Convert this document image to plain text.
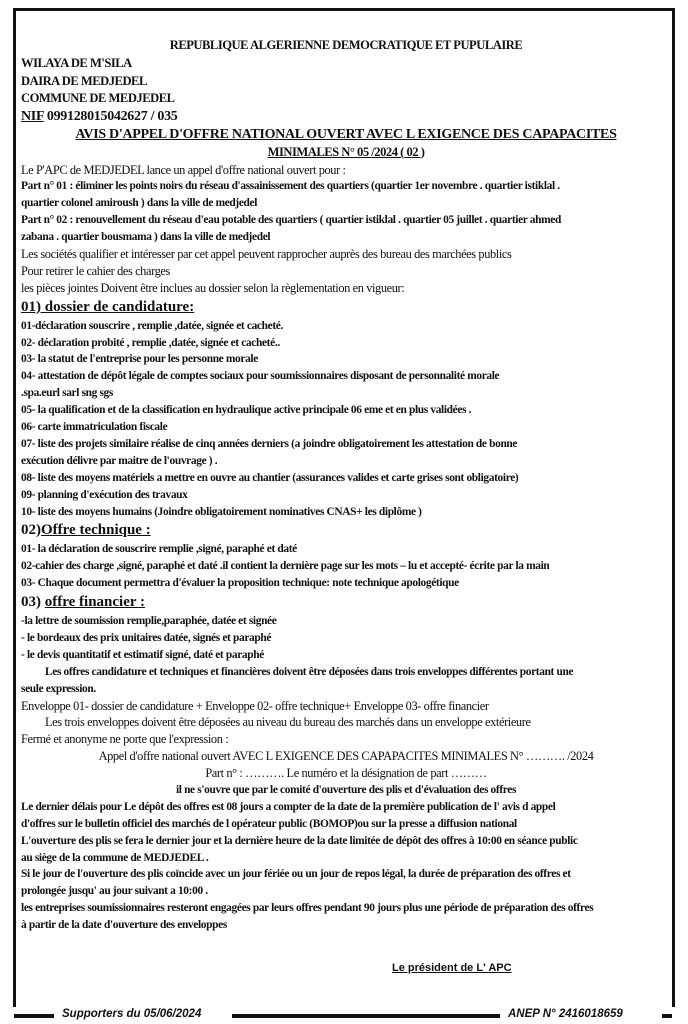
REPUBLIQUE ALGERIENNE DEMOCRATIQUE ET PUPULAIRE
WILAYA DE M'SILA
DAIRA DE MEDJEDEL
COMMUNE DE MEDJEDEL
NIF 099128015042627 / 035
AVIS D'APPEL D'OFFRE NATIONAL OUVERT AVEC L EXIGENCE DES CAPAPACITES
MINIMALES N° 05 /2024 ( 02 )
Le P'APC de MEDJEDEL lance un appel d'offre national ouvert pour :
Part n° 01 : éliminer les points noirs du réseau d'assainissement des quartiers (quartier 1er novembre . quartier istiklal .
quartier colonel amiroush ) dans la ville de medjedel
Part n° 02 : renouvellement du réseau d'eau potable des quartiers ( quartier istiklal . quartier 05 juillet . quartier ahmed
zabana . quartier bousmama ) dans la ville de medjedel
Les sociétés qualifier et intéresser par cet appel peuvent rapprocher auprès des bureau des marchées publics
Pour retirer le cahier des charges
les pièces jointes Doivent être inclues au dossier selon la règlementation en vigueur:
01) dossier de candidature:
01-déclaration souscrire , remplie ,datée, signée et cacheté.
02- déclaration probité , remplie ,datée, signée et cacheté..
03- la statut de l'entreprise pour les personne morale
04- attestation de dépôt légale de comptes sociaux pour soumissionnaires disposant de personnalité morale
.spa.eurl sarl sng sgs
05- la qualification et de la classification en hydraulique active principale 06 eme et en plus validées .
06- carte immatriculation fiscale
07- liste des projets similaire réalise de cinq années derniers (a joindre obligatoirement les attestation de bonne
exécution délivre par maitre de l'ouvrage ) .
08- liste des moyens matériels a mettre en ouvre au chantier (assurances valides et carte grises sont obligatoire)
09- planning d'exécution des travaux
10- liste des moyens humains (Joindre obligatoirement nominatives CNAS+ les diplôme )
02)Offre technique :
01- la déclaration de souscrire remplie ,signé, paraphé et daté
02-cahier des charge ,signé, paraphé et daté .il contient la dernière page sur les mots – lu et accepté- écrite par la main
03- Chaque document permettra d'évaluer la proposition technique: note technique apologétique
03) offre financier :
-la lettre de soumission remplie,paraphée, datée et signée
- le bordeaux des prix unitaires datée, signés et paraphé
- le devis quantitatif et estimatif signé, daté et paraphé
Les offres candidature et techniques et financières doivent être déposées dans trois enveloppes différentes portant une
seule expression.
Enveloppe 01- dossier de candidature + Enveloppe 02- offre technique+ Enveloppe 03- offre financier
Les trois enveloppes doivent être déposées au niveau du bureau des marchés dans un enveloppe extérieure
Fermé et anonyme ne porte que l'expression :
Appel d'offre national ouvert AVEC L EXIGENCE DES CAPAPACITES MINIMALES N° ………. /2024
Part n° : ………. Le numéro et la désignation de part ………
il ne s'ouvre que par le comité d'ouverture des plis et d'évaluation des offres
Le dernier délais pour Le dépôt des offres est 08 jours a compter de la date de la première publication de l' avis d appel
d'offres sur le bulletin officiel des marchés de l opérateur public (BOMOP)ou sur la presse a diffusion national
L'ouverture des plis se fera le dernier jour et la dernière heure de la date limitée de dépôt des offres à 10:00 en séance public
au siège de la commune de MEDJEDEL .
Si le jour de l'ouverture des plis coïncide avec un jour fériée ou un jour de repos légal, la durée de préparation des offres et
prolongée jusqu' au jour suivant a 10:00 .
les entreprises soumissionnaires resteront engagées par leurs offres pendant 90 jours plus une période de préparation des offres
à partir de la date d'ouverture des enveloppes
Le président de L' APC
Supporters du 05/06/2024	ANEP N° 2416018659
